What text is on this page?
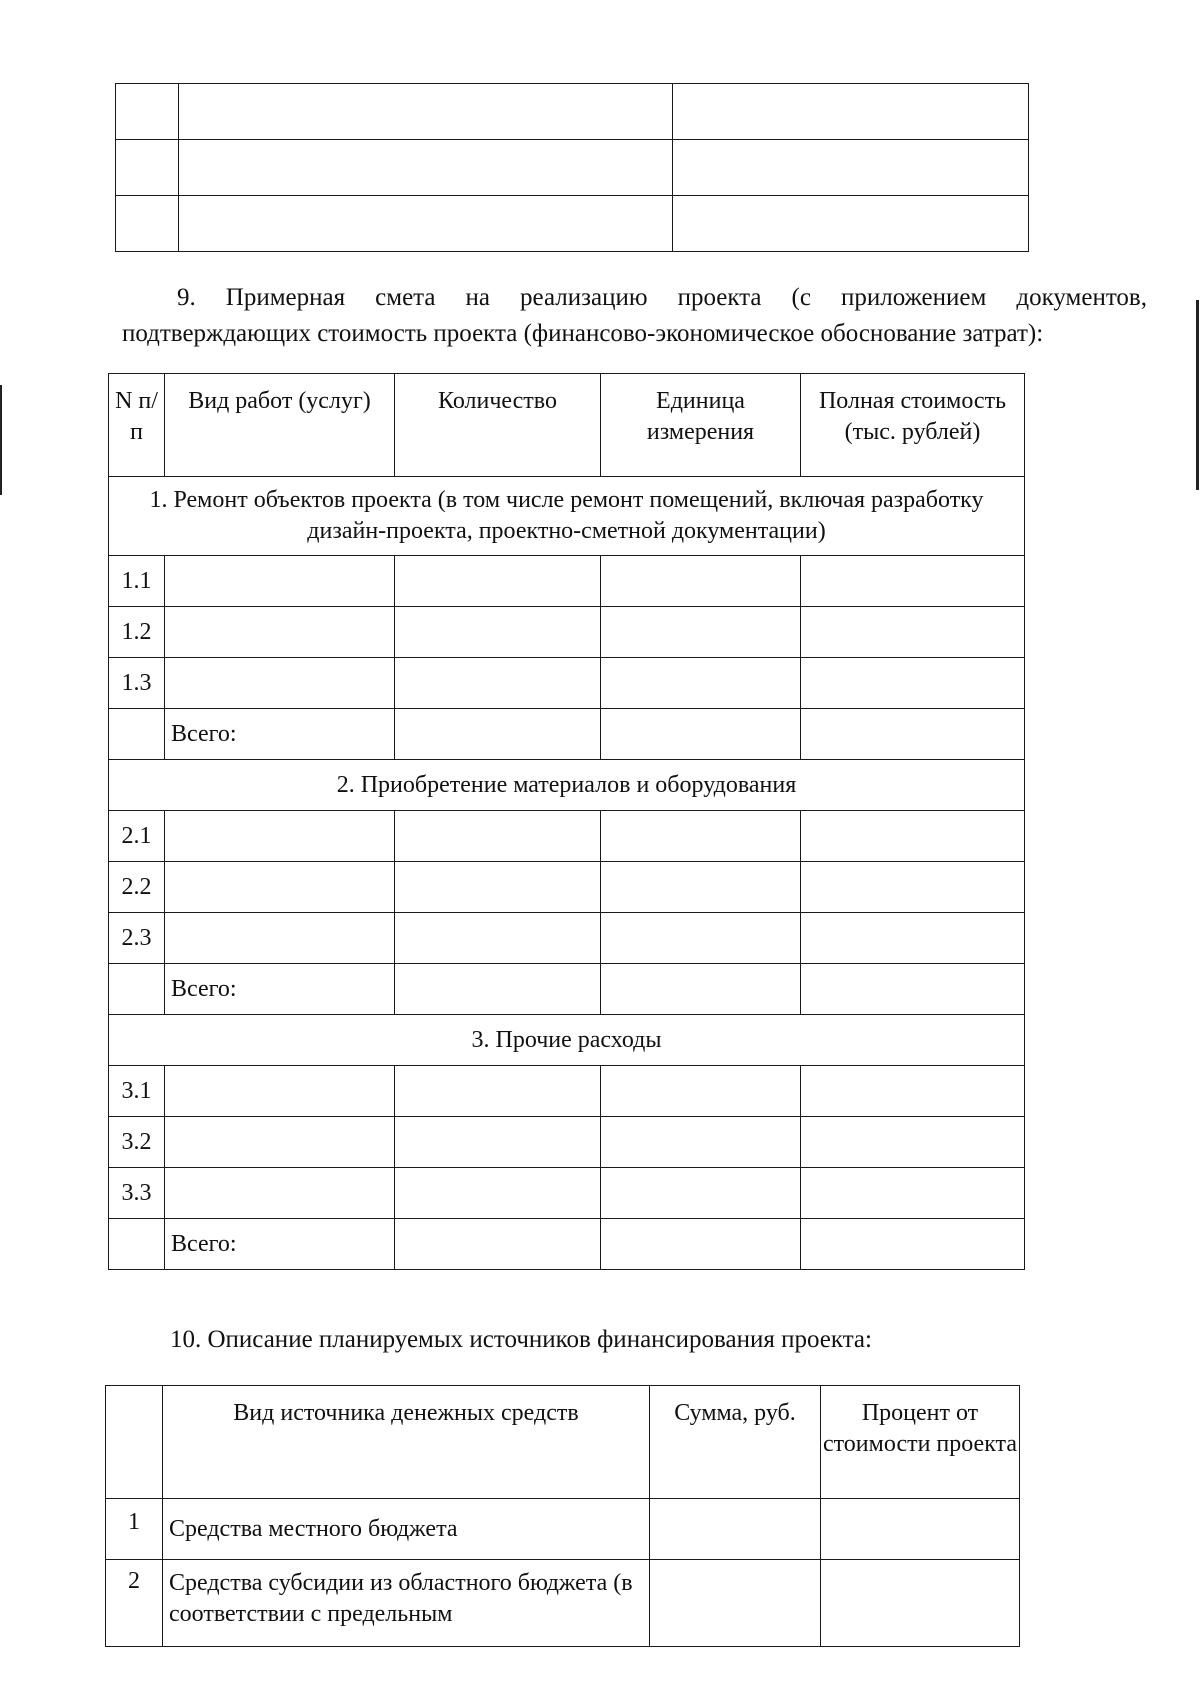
9. Примерная смета на реализацию проекта (с приложением документов,
подтверждающих стоимость проекта (финансово-экономическое обоснование затрат):
N п/п	Вид работ (услуг)	Количество	Единица измерения	Полная стоимость (тыс. рублей)
1. Ремонт объектов проекта (в том числе ремонт помещений, включая разработку дизайн-проекта, проектно-сметной документации)				
1.1				
1.2				
1.3				
	Всего:			
2. Приобретение материалов и оборудования				
2.1				
2.2				
2.3				
	Всего:			
3. Прочие расходы				
3.1				
3.2				
3.3				
	Всего:			
10. Описание планируемых источников финансирования проекта:
	Вид источника денежных средств	Сумма, руб.	Процент от стоимости проекта
1	Средства местного бюджета		
2	Средства субсидии из областного бюджета (в соответствии с предельным		
